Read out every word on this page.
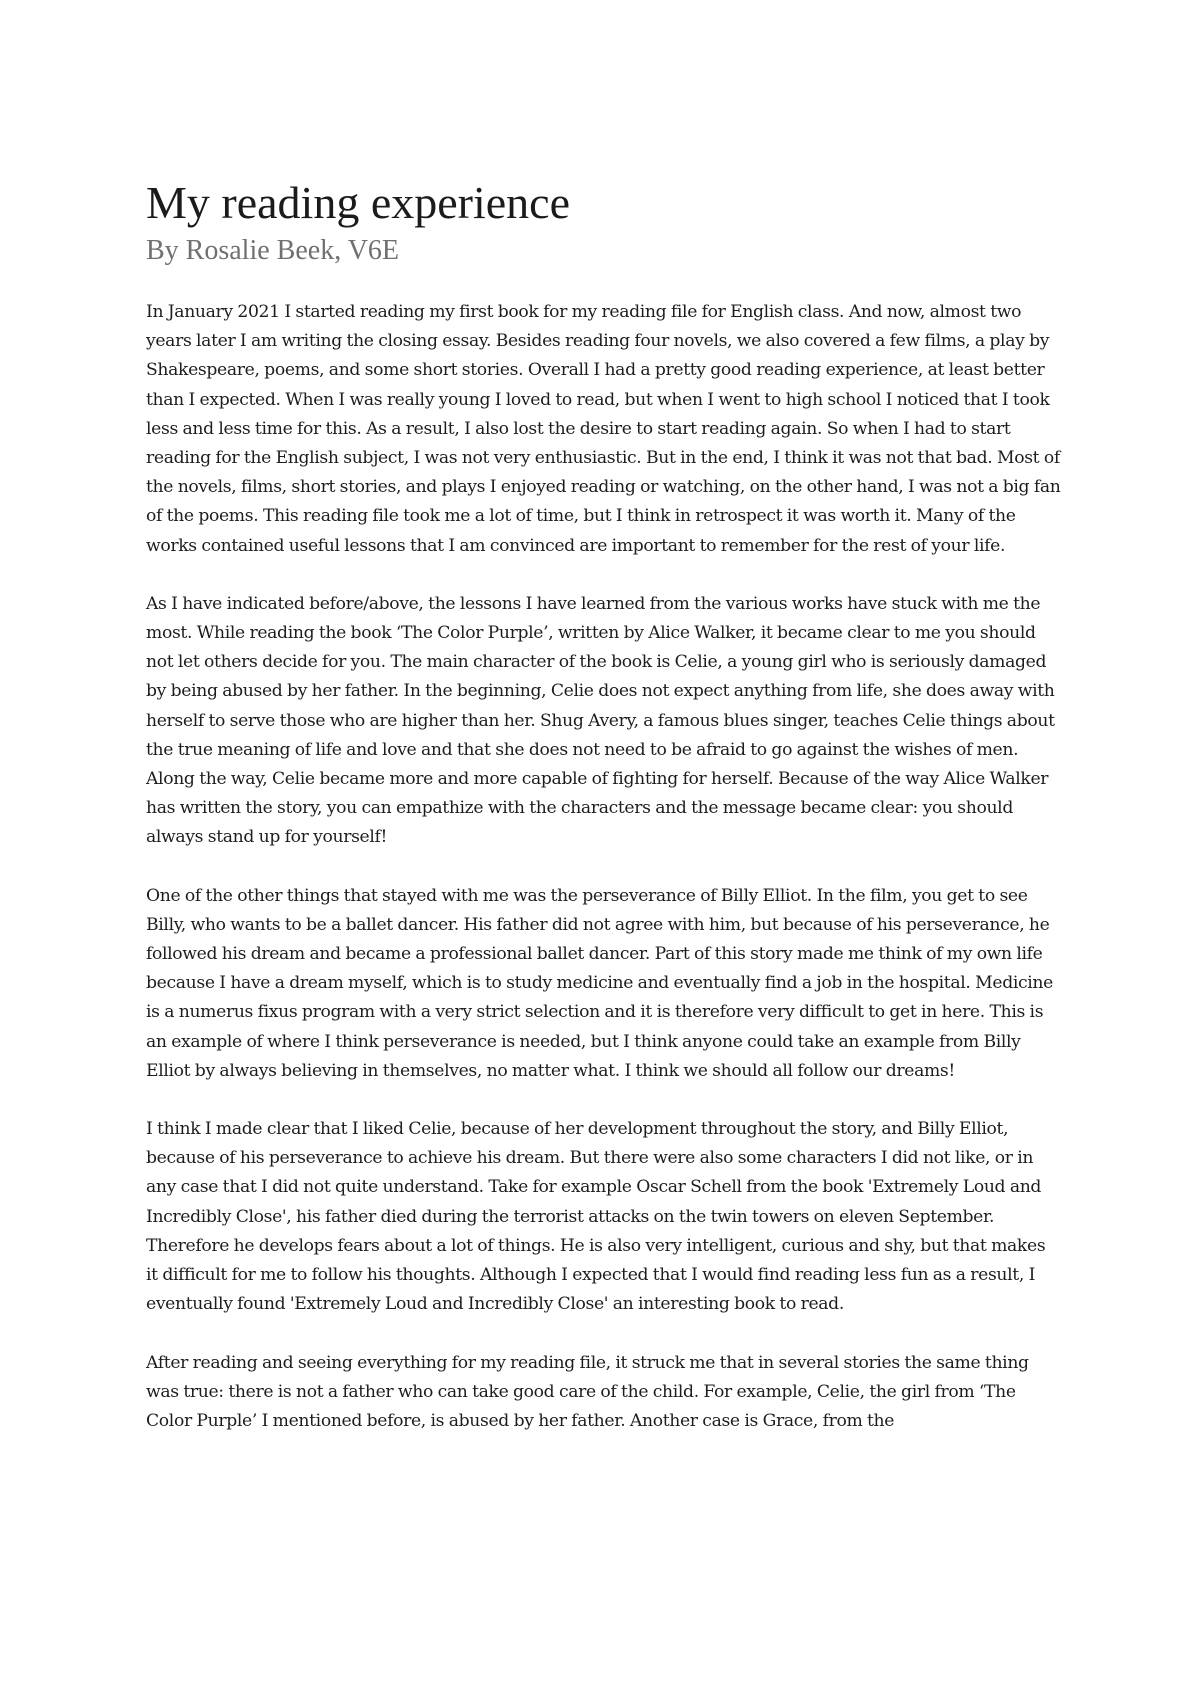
My reading experience
By Rosalie Beek, V6E

In January 2021 I started reading my first book for my reading file for English class. And now, almost two years later I am writing the closing essay. Besides reading four novels, we also covered a few films, a play by Shakespeare, poems, and some short stories. Overall I had a pretty good reading experience, at least better than I expected. When I was really young I loved to read, but when I went to high school I noticed that I took less and less time for this. As a result, I also lost the desire to start reading again. So when I had to start reading for the English subject, I was not very enthusiastic. But in the end, I think it was not that bad. Most of the novels, films, short stories, and plays I enjoyed reading or watching, on the other hand, I was not a big fan of the poems. This reading file took me a lot of time, but I think in retrospect it was worth it. Many of the works contained useful lessons that I am convinced are important to remember for the rest of your life.

As I have indicated before/above, the lessons I have learned from the various works have stuck with me the most. While reading the book ‘The Color Purple’, written by Alice Walker, it became clear to me you should not let others decide for you. The main character of the book is Celie, a young girl who is seriously damaged by being abused by her father. In the beginning, Celie does not expect anything from life, she does away with herself to serve those who are higher than her. Shug Avery, a famous blues singer, teaches Celie things about the true meaning of life and love and that she does not need to be afraid to go against the wishes of men. Along the way, Celie became more and more capable of fighting for herself. Because of the way Alice Walker has written the story, you can empathize with the characters and the message became clear: you should always stand up for yourself!

One of the other things that stayed with me was the perseverance of Billy Elliot. In the film, you get to see Billy, who wants to be a ballet dancer. His father did not agree with him, but because of his perseverance, he followed his dream and became a professional ballet dancer. Part of this story made me think of my own life because I have a dream myself, which is to study medicine and eventually find a job in the hospital. Medicine is a numerus fixus program with a very strict selection and it is therefore very difficult to get in here. This is an example of where I think perseverance is needed, but I think anyone could take an example from Billy Elliot by always believing in themselves, no matter what. I think we should all follow our dreams!

I think I made clear that I liked Celie, because of her development throughout the story, and Billy Elliot, because of his perseverance to achieve his dream. But there were also some characters I did not like, or in any case that I did not quite understand. Take for example Oscar Schell from the book 'Extremely Loud and Incredibly Close', his father died during the terrorist attacks on the twin towers on eleven September. Therefore he develops fears about a lot of things. He is also very intelligent, curious and shy, but that makes it difficult for me to follow his thoughts. Although I expected that I would find reading less fun as a result, I eventually found 'Extremely Loud and Incredibly Close' an interesting book to read.

After reading and seeing everything for my reading file, it struck me that in several stories the same thing was true: there is not a father who can take good care of the child. For example, Celie, the girl from ‘The Color Purple’ I mentioned before, is abused by her father. Another case is Grace, from the
